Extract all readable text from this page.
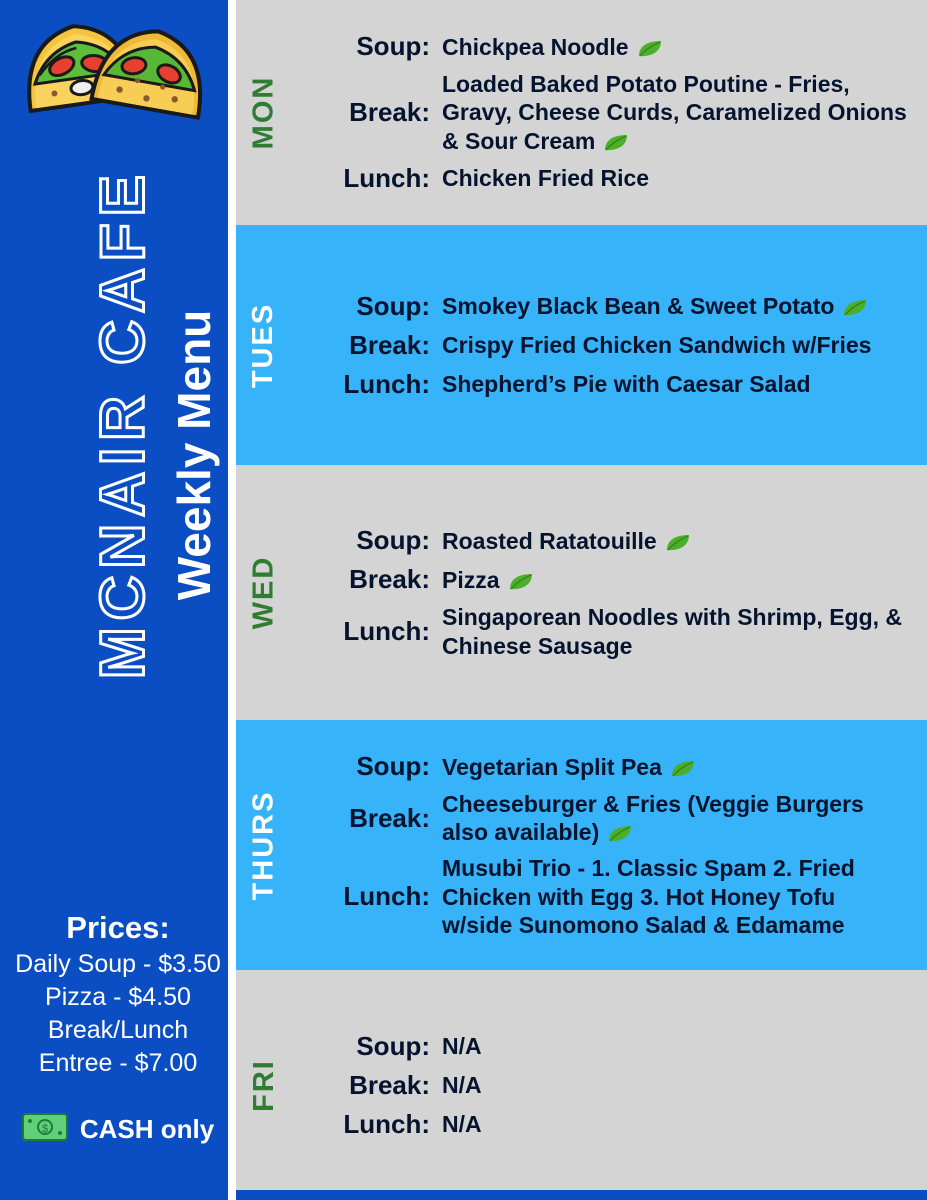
MCNAIR CAFE Weekly Menu
Prices:
Daily Soup - $3.50
Pizza - $4.50
Break/Lunch
Entree - $7.00
$ CASH only
MON
Soup: Chickpea Noodle
Break:
Loaded Baked Potato Poutine - Fries, Gravy, Cheese Curds, Caramelized Onions & Sour Cream
Lunch: Chicken Fried Rice
TUES	Soup: Smokey Black Bean & Sweet Potato
Break: Crispy Fried Chicken Sandwich w/Fries
Lunch: Shepherd’s Pie with Caesar Salad
WED
Soup: Roasted Ratatouille
Break: Pizza
Lunch: Singaporean Noodles with Shrimp, Egg, & Chinese Sausage
THURS
Soup: Vegetarian Split Pea
Break: Cheeseburger & Fries (Veggie Burgers also available)
Lunch:
Musubi Trio - 1. Classic Spam 2. Fried Chicken with Egg 3. Hot Honey Tofu w/side Sunomono Salad & Edamame
FRI
Soup: N/A
Break: N/A
Lunch: N/A
